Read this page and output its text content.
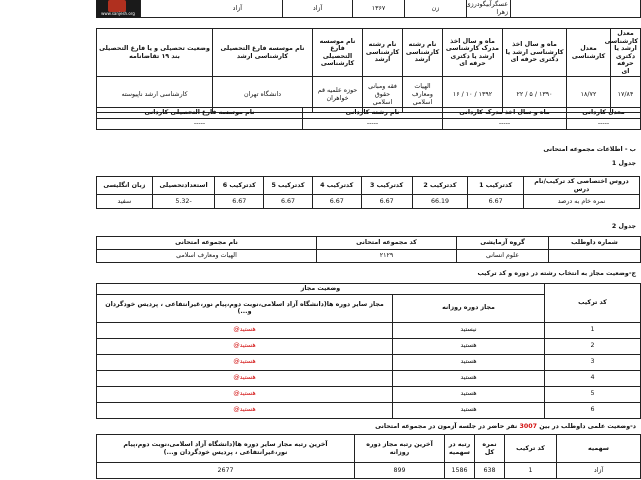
www.sanjesh.org
	عسگرآبیگودرزی زهرا	زن	۱۳۶۷	آزاد	آزاد
معدل کارشناسی ارشد یا دکتری حرفه ای	معدل کارشناسی	ماه و سال اخذ کارشناسی ارشد یا دکتری حرفه ای	ماه و سال اخذ مدرک کارشناسی ارشد یا دکتری حرفه ای	نام رشته کارشناسی ارشد	نام رشته کارشناسی ارشد	نام موسسه فارغ التحصیلی کارشناسی	نام موسسه فارغ التحصیلی کارشناسی ارشد	وضعیت تحصیلی و یا فارغ التحصیلی بند ۱۹ تقاضانامه
۱۷/۸۴	۱۸/۷۲	۱۳۹۰ / ۵ / ۲۲	۱۳۹۲ / ۱۰ / ۱۶	الهیات ومعارف اسلامی	فقه ومبانی حقوق اسلامی	حوزه علمیه قم خواهران	دانشگاه تهران	کارشناسی ارشد ناپیوسته
معدل کاردانی	ماه و سال اخذ مدرک کاردانی	نام رشته کاردانی	نام موسسه فارغ التحصیلی کاردانی
-----	-----	-----	-----
ب - اطلاعات مجموعه امتحانی
جدول 1
دروس اختصاصی کد ترکیب/نام درس	کدترکیب 1	کدترکیب 2	کدترکیب 3	کدترکیب 4	کدترکیب 5	کدترکیب 6	استعدادتحصیلی	زبان انگلیسی
نمره خام به درصد	6.67	66.19	6.67	6.67	6.67	6.67	-5.32	سفید
جدول 2
شماره داوطلب	گروه آزمایشی	کد مجموعه امتحانی	نام مجموعه امتحانی
	علوم انسانی	۲۱۲۹	الهیات ومعارف اسلامی
ج-وضعیت مجاز به انتخاب رشته در دوره و کد ترکیب
کد ترکیب	وضعیت مجاز	
	مجاز دوره روزانه	مجاز سایر دوره ها(دانشگاه آزاد اسلامی،نوبت دوم،پیام نور،غیرانتفاعی ، پردیس خودگردان و...)
1	نیستید	هستید@
2	هستید	هستید@
3	هستید	هستید@
4	هستید	هستید@
5	هستید	هستید@
6	هستید	هستید@
د-وضعیت علمی داوطلب در بین 3007 نفر حاضر در جلسه آزمون در مجموعه امتحانی
سهمیه	کد ترکیب	نمره کل	رتبه در سهمیه	آخرین رتبه مجاز دوره روزانه	آخرین رتبه مجاز سایر دوره ها(دانشگاه آزاد اسلامی،نوبت دوم،پیام نور،غیرانتفاعی ، پردیس خودگردان و...)
آزاد	1	638	1586	899	2677
